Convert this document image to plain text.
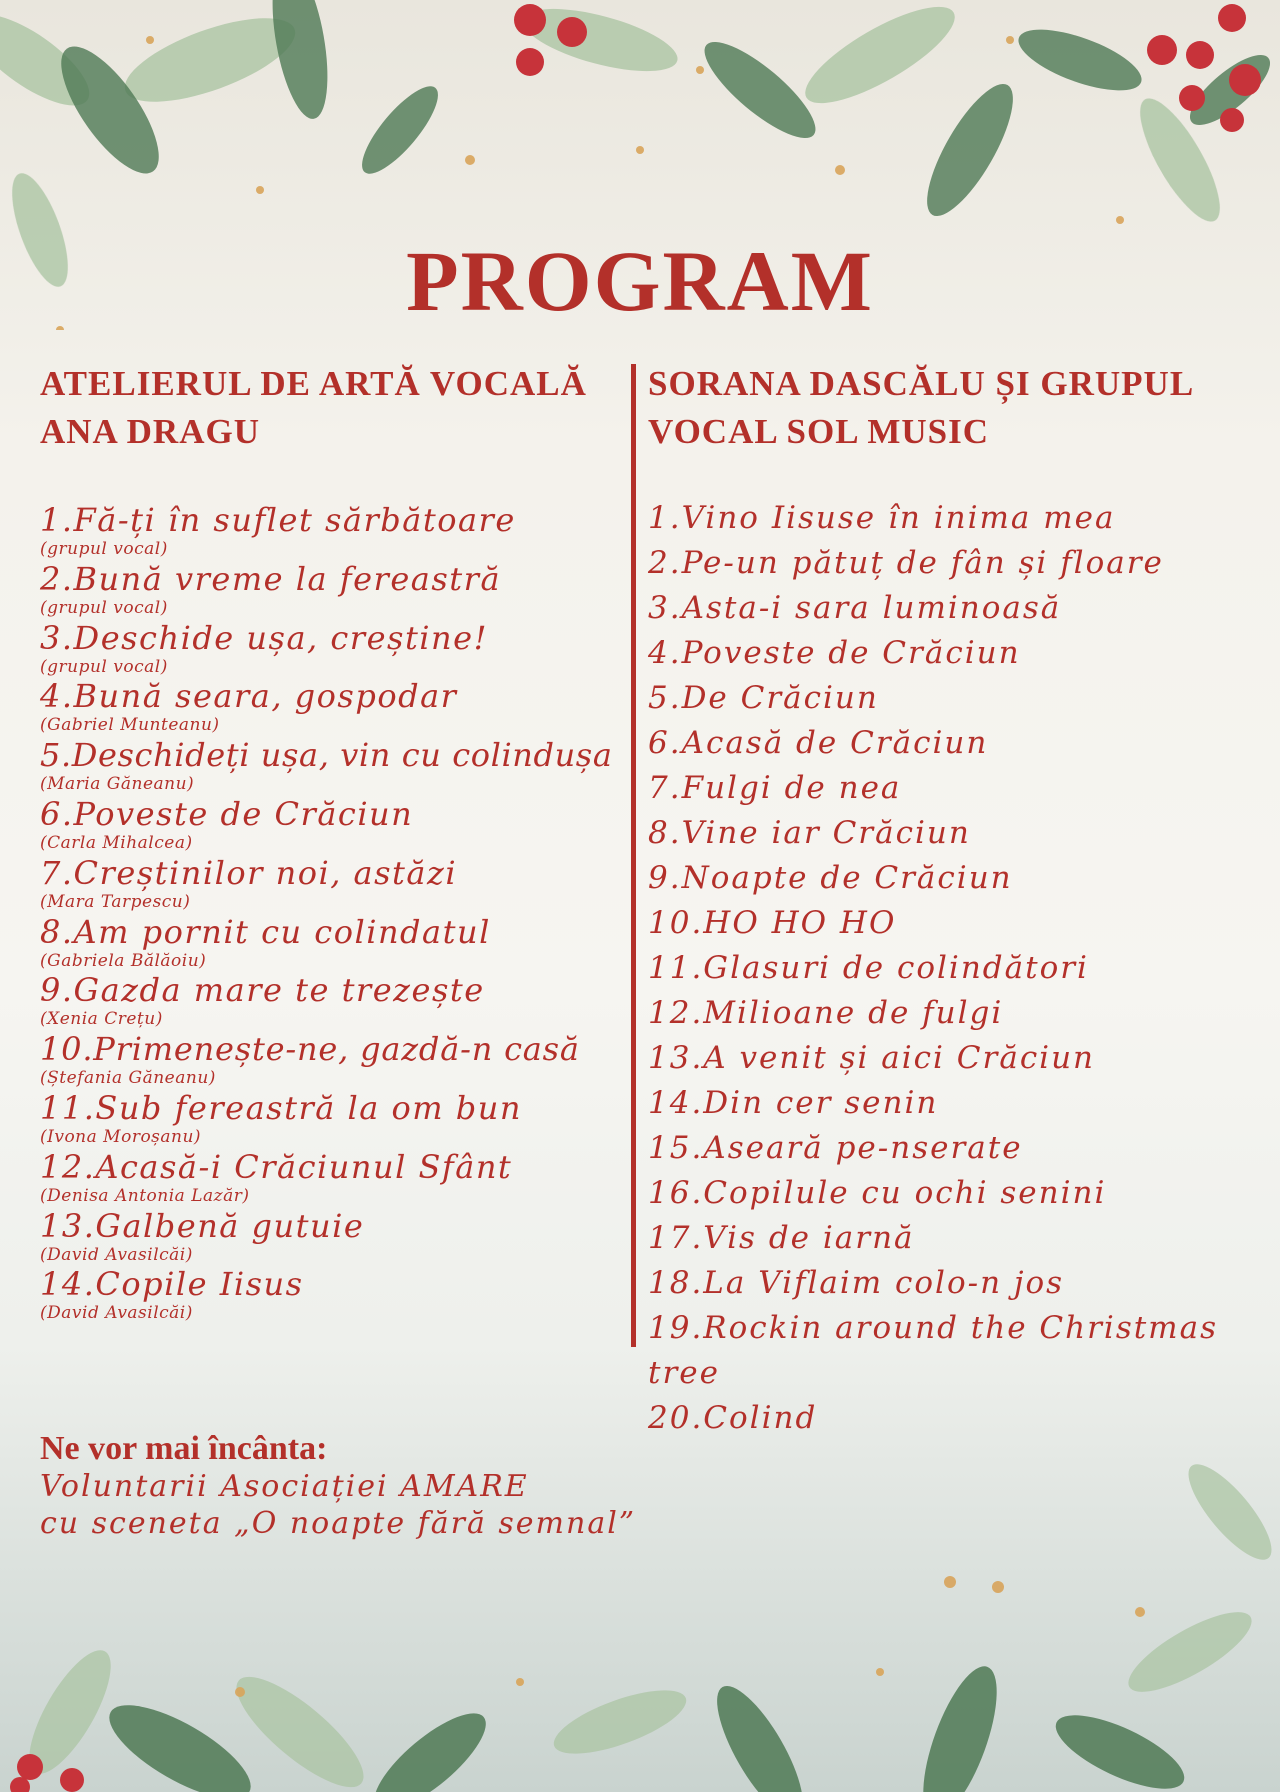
PROGRAM
ATELIERUL DE ARTĂ VOCALĂ
ANA DRAGU
1.Fă-ți în suflet sărbătoare
(grupul vocal)
2.Bună vreme la fereastră
(grupul vocal)
3.Deschide ușa, creștine!
(grupul vocal)
4.Bună seara, gospodar
(Gabriel Munteanu)
5.Deschideți ușa, vin cu colindușa
(Maria Găneanu)
6.Poveste de Crăciun
(Carla Mihalcea)
7.Creștinilor noi, astăzi
(Mara Tarpescu)
8.Am pornit cu colindatul
(Gabriela Bălăoiu)
9.Gazda mare te trezește
(Xenia Crețu)
10.Primenește-ne, gazdă-n casă
(Ștefania Găneanu)
11.Sub fereastră la om bun
(Ivona Moroșanu)
12.Acasă-i Crăciunul Sfânt
(Denisa Antonia Lazăr)
13.Galbenă gutuie
(David Avasilcăi)
14.Copile Iisus
(David Avasilcăi)
SORANA DASCĂLU ȘI GRUPUL
VOCAL SOL MUSIC
1.Vino Iisuse în inima mea
2.Pe-un pătuț de fân și floare
3.Asta-i sara luminoasă
4.Poveste de Crăciun
5.De Crăciun
6.Acasă de Crăciun
7.Fulgi de nea
8.Vine iar Crăciun
9.Noapte de Crăciun
10.HO HO HO
11.Glasuri de colindători
12.Milioane de fulgi
13.A venit și aici Crăciun
14.Din cer senin
15.Aseară pe-nserate
16.Copilule cu ochi senini
17.Vis de iarnă
18.La Viflaim colo-n jos
19.Rockin around the Christmas tree
20.Colind
Ne vor mai încânta:
Voluntarii Asociației AMARE
cu sceneta „O noapte fără semnal”
